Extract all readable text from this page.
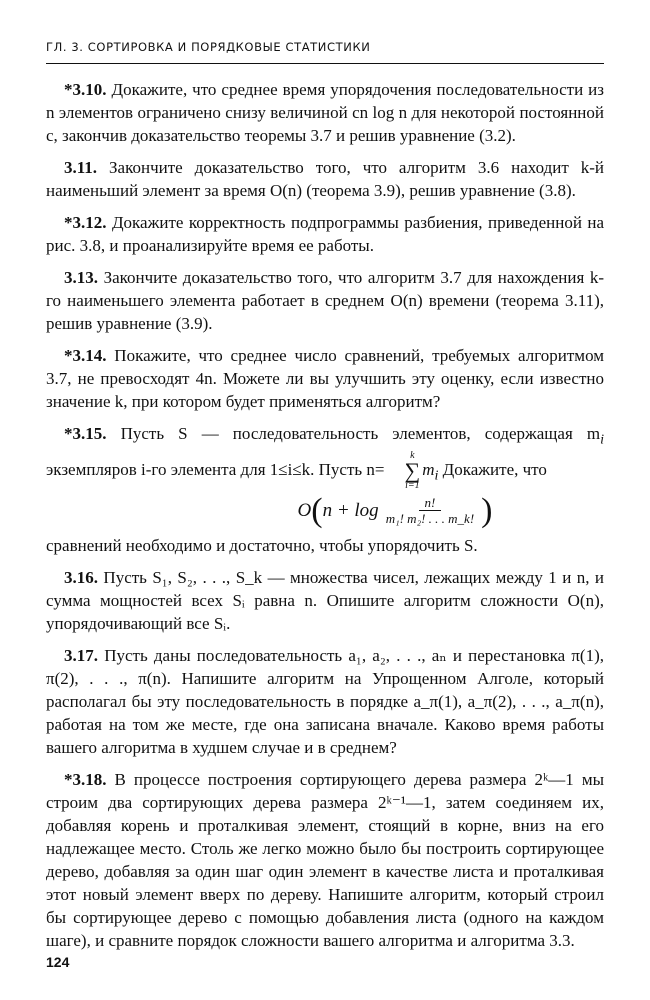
ГЛ. 3. СОРТИРОВКА И ПОРЯДКОВЫЕ СТАТИСТИКИ

*3.10. Докажите, что среднее время упорядочения последовательности из n элементов ограничено снизу величиной cn log n для некоторой постоянной c, закончив доказательство теоремы 3.7 и решив уравнение (3.2).

3.11. Закончите доказательство того, что алгоритм 3.6 находит k-й наименьший элемент за время O(n) (теорема 3.9), решив уравнение (3.8).

*3.12. Докажите корректность подпрограммы разбиения, приведенной на рис. 3.8, и проанализируйте время ее работы.

3.13. Закончите доказательство того, что алгоритм 3.7 для нахождения k-го наименьшего элемента работает в среднем O(n) времени (теорема 3.11), решив уравнение (3.9).

*3.14. Покажите, что среднее число сравнений, требуемых алгоритмом 3.7, не превосходят 4n. Можете ли вы улучшить эту оценку, если известно значение k, при котором будет применяться алгоритм?

*3.15. Пусть S — последовательность элементов, содержащая $m_i$ экземпляров i-го элемента для 1≤i≤k. Пусть n=
k
∑
i=1
$m_i$ Докажите, что

O ( $n + \log \frac{n!}{\text{m₁! m₂! . . . m\_k!}}$ )

сравнений необходимо и достаточно, чтобы упорядочить S.

3.16. Пусть S₁, S₂, . . ., S_k — множества чисел, лежащих между 1 и n, и сумма мощностей всех Sᵢ равна n. Опишите алгоритм сложности O(n), упорядочивающий все Sᵢ.

3.17. Пусть даны последовательность a₁, a₂, . . ., aₙ и перестановка π(1), π(2), . . ., π(n). Напишите алгоритм на Упрощенном Алголе, который располагал бы эту последовательность в порядке a_π(1), a_π(2), . . ., a_π(n), работая на том же месте, где она записана вначале. Каково время работы вашего алгоритма в худшем случае и в среднем?

*3.18. В процессе построения сортирующего дерева размера 2ᵏ—1 мы строим два сортирующих дерева размера 2ᵏ⁻¹—1, затем соединяем их, добавляя корень и проталкивая элемент, стоящий в корне, вниз на его надлежащее место. Столь же легко можно было бы построить сортирующее дерево, добавляя за один шаг один элемент в качестве листа и проталкивая этот новый элемент вверх по дереву. Напишите алгоритм, который строил бы сортирующее дерево с помощью добавления листа (одного на каждом шаге), и сравните порядок сложности вашего алгоритма и алгоритма 3.3.

124
